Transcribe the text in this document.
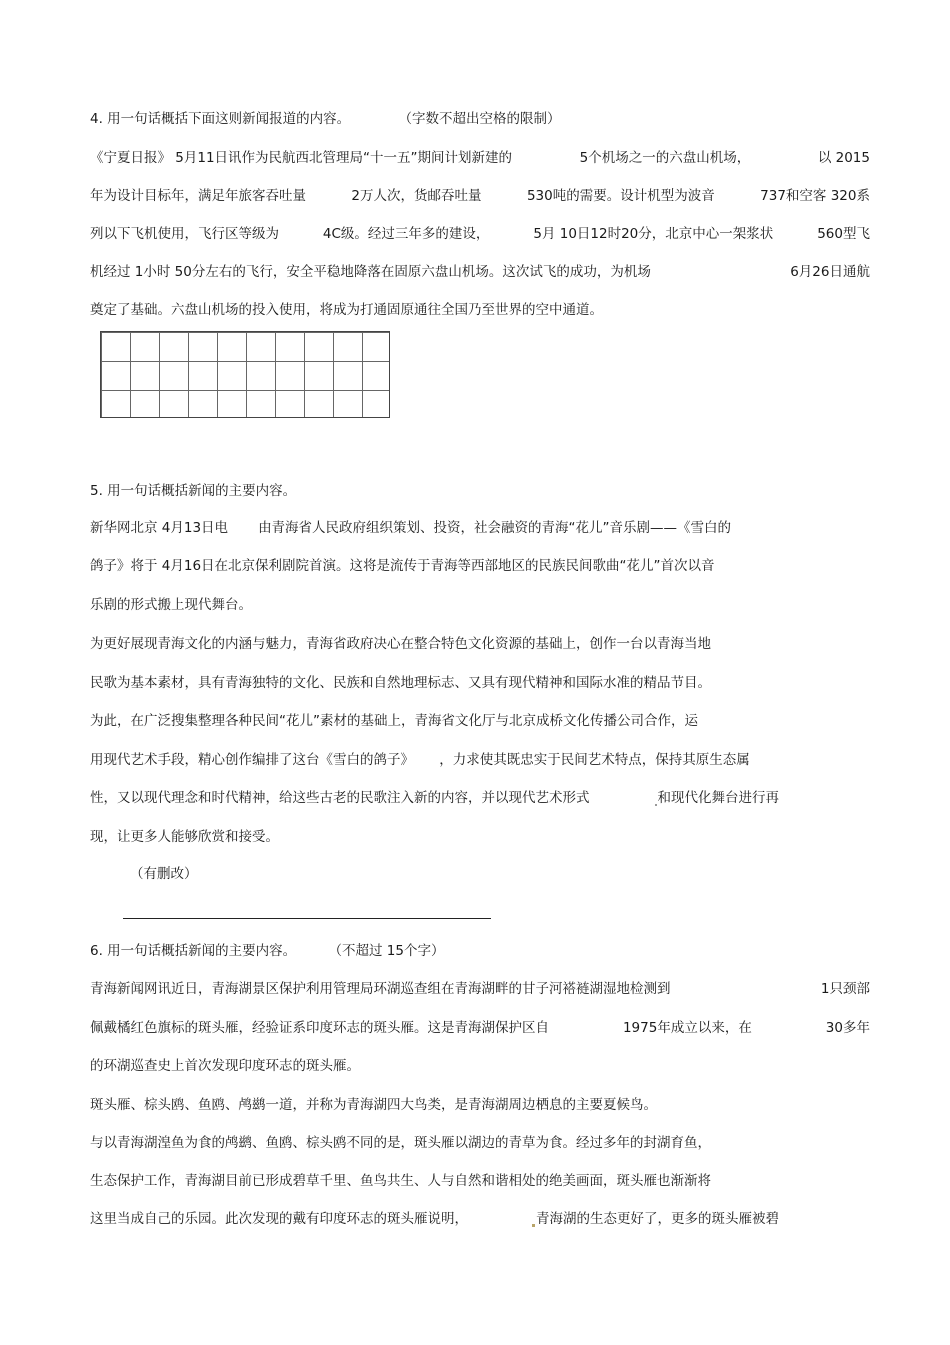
4. 用一句话概括下面这则新闻报道的内容。	（字数不超出空格的限制）
《宁夏日报》 5月11日讯作为民航西北管理局“十一五”期间计划新建的	5个机场之一的六盘山机场，	以 2015
年为设计目标年，满足年旅客吞吐量	2万人次，货邮吞吐量	530吨的需要。设计机型为波音	737和空客 320系
列以下飞机使用，飞行区等级为	4C级。经过三年多的建设，	5月 10日12时20分，北京中心一架浆状	560型飞
机经过 1小时 50分左右的飞行，安全平稳地降落在固原六盘山机场。这次试飞的成功，为机场	6月26日通航
奠定了基础。六盘山机场的投入使用，将成为打通固原通往全国乃至世界的空中通道。
5. 用一句话概括新闻的主要内容。
新华网北京 4月13日电 由青海省人民政府组织策划、投资，社会融资的青海“花儿”音乐剧——《雪白的
鸽子》将于 4月16日在北京保利剧院首演。这将是流传于青海等西部地区的民族民间歌曲“花儿”首次以音
乐剧的形式搬上现代舞台。
为更好展现青海文化的内涵与魅力，青海省政府决心在整合特色文化资源的基础上，创作一台以青海当地
民歌为基本素材，具有青海独特的文化、民族和自然地理标志、又具有现代精神和国际水准的精品节目。
为此，在广泛搜集整理各种民间“花儿”素材的基础上，青海省文化厅与北京成桥文化传播公司合作，运
用现代艺术手段，精心创作编排了这台《雪白的鸽子》 ，力求使其既忠实于民间艺术特点，保持其原生态属
性，又以现代理念和时代精神，给这些古老的民歌注入新的内容，并以现代艺术形式	和现代化舞台进行再
现，让更多人能够欣赏和接受。
（有删改）
6. 用一句话概括新闻的主要内容。 （不超过 15个字）
青海新闻网讯近日，青海湖景区保护利用管理局环湖巡查组在青海湖畔的甘子河褡裢湖湿地检测到	1只颈部
佩戴橘红色旗标的斑头雁，经验证系印度环志的斑头雁。这是青海湖保护区自	1975年成立以来，在	30多年
的环湖巡查史上首次发现印度环志的斑头雁。
斑头雁、棕头鸥、鱼鸥、鸬鹚一道，并称为青海湖四大鸟类，是青海湖周边栖息的主要夏候鸟。
与以青海湖湟鱼为食的鸬鹚、鱼鸥、棕头鸥不同的是，斑头雁以湖边的青草为食。经过多年的封湖育鱼，
生态保护工作，青海湖目前已形成碧草千里、鱼鸟共生、人与自然和谐相处的绝美画面，斑头雁也渐渐将
这里当成自己的乐园。此次发现的戴有印度环志的斑头雁说明，	青海湖的生态更好了，更多的斑头雁被碧
